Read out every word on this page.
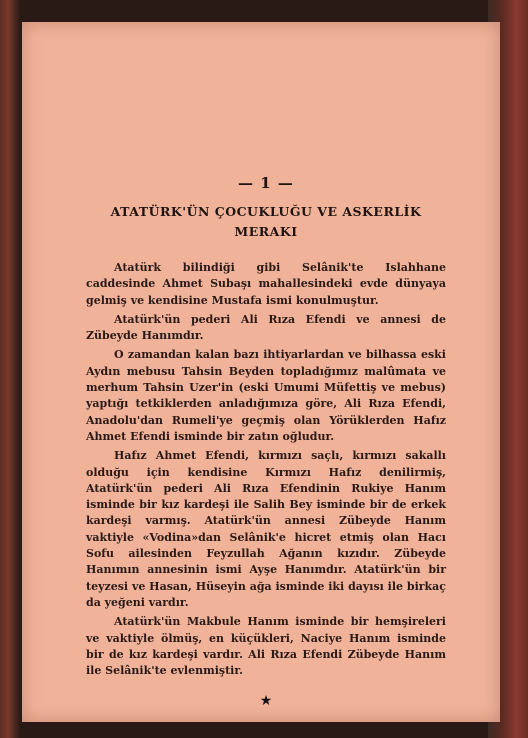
— 1 —
ATATÜRK'ÜN ÇOCUKLUĞU VE ASKERLİK
MERAKI

Atatürk bilindiği gibi Selânik'te Islahhane caddesinde Ahmet Subaşı mahallesindeki evde dünyaya gelmiş ve kendisine Mustafa ismi konulmuştur.

Atatürk'ün pederi Ali Rıza Efendi ve annesi de Zübeyde Hanımdır.

O zamandan kalan bazı ihtiyarlardan ve bilhassa eski Aydın mebusu Tahsin Beyden topladığımız malûmata ve merhum Tahsin Uzer'in (eski Umumi Müfettiş ve mebus) yaptığı tetkiklerden anladığımıza göre, Ali Rıza Efendi, Anadolu'dan Rumeli'ye geçmiş olan Yörüklerden Hafız Ahmet Efendi isminde bir zatın oğludur.

Hafız Ahmet Efendi, kırmızı saçlı, kırmızı sakallı olduğu için kendisine Kırmızı Hafız denilirmiş, Atatürk'ün pederi Ali Rıza Efendinin Rukiye Hanım isminde bir kız kardeşi ile Salih Bey isminde bir de erkek kardeşi varmış. Atatürk'ün annesi Zübeyde Hanım vaktiyle «Vodina»dan Selânik'e hicret etmiş olan Hacı Sofu ailesinden Feyzullah Ağanın kızıdır. Zübeyde Hanımın annesinin ismi Ayşe Hanımdır. Atatürk'ün bir teyzesi ve Hasan, Hüseyin ağa isminde iki dayısı ile birkaç da yeğeni vardır.

Atatürk'ün Makbule Hanım isminde bir hemşireleri ve vaktiyle ölmüş, en küçükleri, Naciye Hanım isminde bir de kız kardeşi vardır. Ali Rıza Efendi Zübeyde Hanım ile Selânik'te evlenmiştir.

★
